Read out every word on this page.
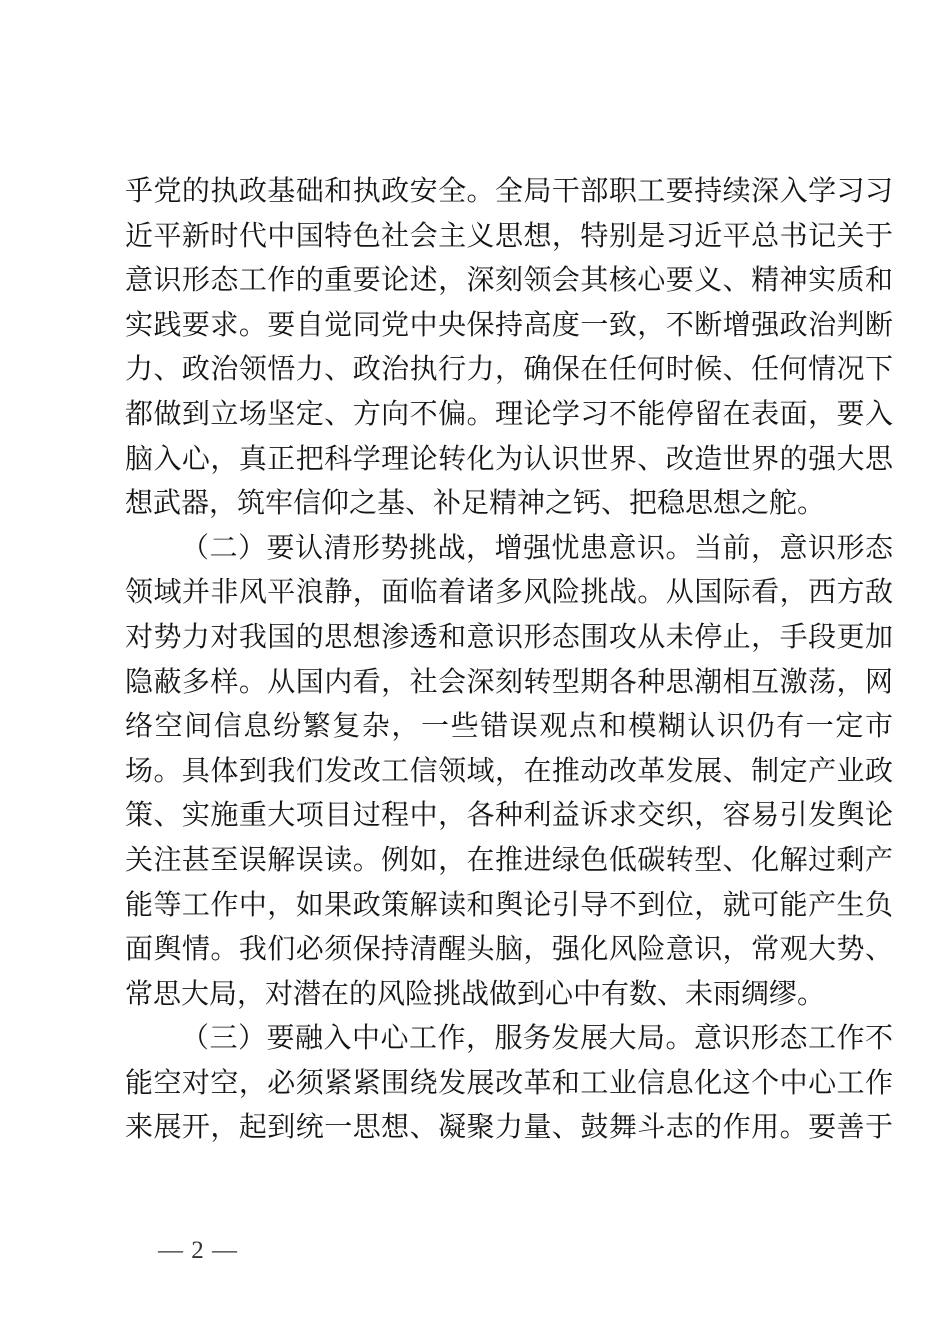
乎党的执政基础和执政安全。全局干部职工要持续深入学习习
近平新时代中国特色社会主义思想，特别是习近平总书记关于
意识形态工作的重要论述，深刻领会其核心要义、精神实质和
实践要求。要自觉同党中央保持高度一致，不断增强政治判断
力、政治领悟力、政治执行力，确保在任何时候、任何情况下
都做到立场坚定、方向不偏。理论学习不能停留在表面，要入
脑入心，真正把科学理论转化为认识世界、改造世界的强大思
想武器，筑牢信仰之基、补足精神之钙、把稳思想之舵。
（二）要认清形势挑战，增强忧患意识。当前，意识形态
领域并非风平浪静，面临着诸多风险挑战。从国际看，西方敌
对势力对我国的思想渗透和意识形态围攻从未停止，手段更加
隐蔽多样。从国内看，社会深刻转型期各种思潮相互激荡，网
络空间信息纷繁复杂，一些错误观点和模糊认识仍有一定市
场。具体到我们发改工信领域，在推动改革发展、制定产业政
策、实施重大项目过程中，各种利益诉求交织，容易引发舆论
关注甚至误解误读。例如，在推进绿色低碳转型、化解过剩产
能等工作中，如果政策解读和舆论引导不到位，就可能产生负
面舆情。我们必须保持清醒头脑，强化风险意识，常观大势、
常思大局，对潜在的风险挑战做到心中有数、未雨绸缪。
（三）要融入中心工作，服务发展大局。意识形态工作不
能空对空，必须紧紧围绕发展改革和工业信息化这个中心工作
来展开，起到统一思想、凝聚力量、鼓舞斗志的作用。要善于
— 2 —
